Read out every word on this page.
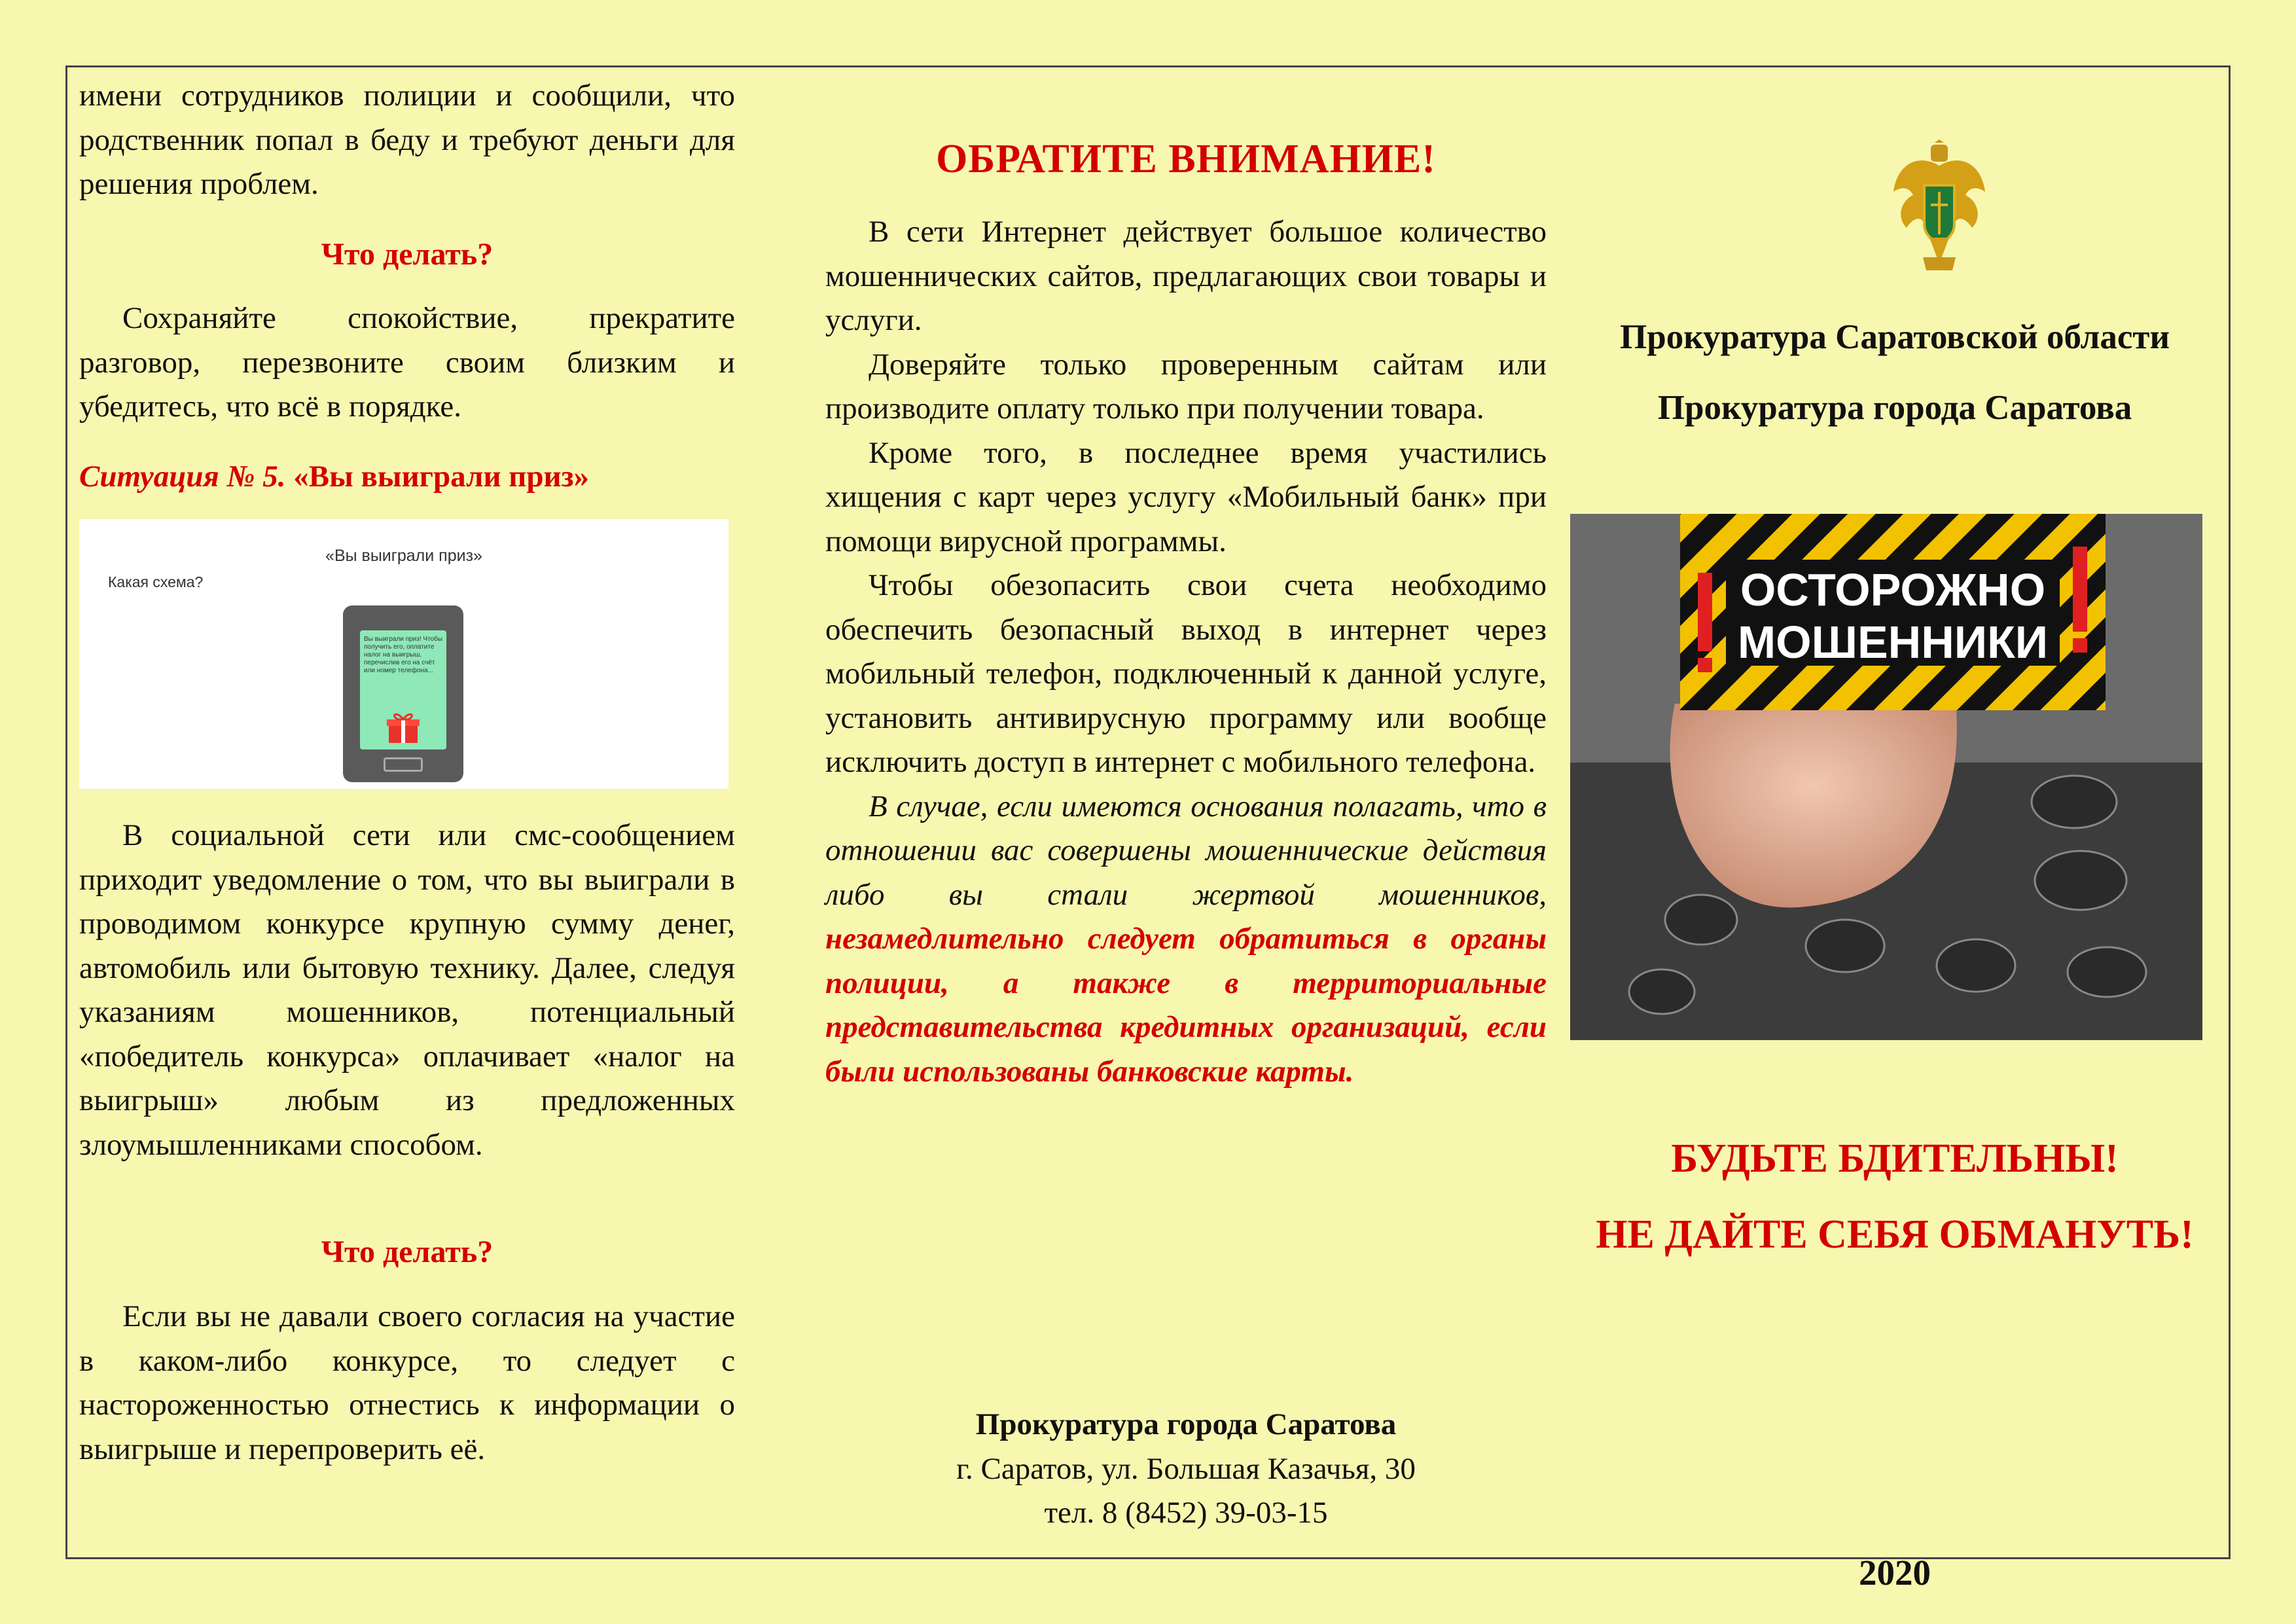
имени сотрудников полиции и сообщили, что родственник попал в беду и требуют деньги для решения проблем.

Что делать?

Сохраняйте спокойствие, прекратите разговор, перезвоните своим близким и убедитесь, что всё в порядке.

Ситуация № 5. «Вы выиграли приз»

«Вы выиграли приз»
Какая схема?
Вы выиграли приз! Чтобы получить его, оплатите налог на выигрыш, перечислив его на счёт или номер телефона...

В социальной сети или смс-сообщением приходит уведомление о том, что вы выиграли в проводимом конкурсе крупную сумму денег, автомобиль или бытовую технику. Далее, следуя указаниям мошенников, потенциальный «победитель конкурса» оплачивает «налог на выигрыш» любым из предложенных злоумышленниками способом.

Что делать?

Если вы не давали своего согласия на участие в каком-либо конкурсе, то следует с настороженностью отнестись к информации о выигрыше и перепроверить её.

ОБРАТИТЕ ВНИМАНИЕ!

В сети Интернет действует большое количество мошеннических сайтов, предлагающих свои товары и услуги.

Доверяйте только проверенным сайтам или производите оплату только при получении товара.

Кроме того, в последнее время участились хищения с карт через услугу «Мобильный банк» при помощи вирусной программы.

Чтобы обезопасить свои счета необходимо обеспечить безопасный выход в интернет через мобильный телефон, подключенный к данной услуге, установить антивирусную программу или вообще исключить доступ в интернет с мобильного телефона.

В случае, если имеются основания полагать, что в отношении вас совершены мошеннические действия либо вы стали жертвой мошенников, незамедлительно следует обратиться в органы полиции, а также в территориальные представительства кредитных организаций, если были использованы банковские карты.

Прокуратура города Саратова

г. Саратов, ул. Большая Казачья, 30

тел. 8 (8452) 39-03-15

Прокуратура Саратовской области

Прокуратура города Саратова

ОСТОРОЖНО
МОШЕННИКИ

БУДЬТЕ БДИТЕЛЬНЫ!

НЕ ДАЙТЕ СЕБЯ ОБМАНУТЬ!

2020
